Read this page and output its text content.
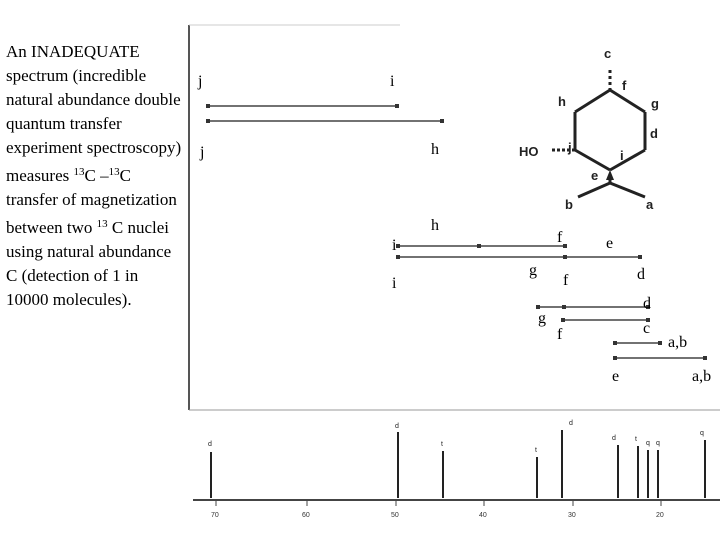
An INADEQUATE spectrum (incredible natural abundance double quantum transfer experiment spectroscopy) measures $^{13}$C –$^{13}$C transfer of magnetization between two $^{13}$ C nuclei using natural abundance C (detection of 1 in 10000 molecules).
j	i
j	h
h
i	f	e
g
i	f	d
d
g
f	c
a,b
e	a,b
HO
c
f
h	g
j
d
i
e
b	a
d
d
t
t
d
d	t
q q
q
70	60	50	40	30	20
